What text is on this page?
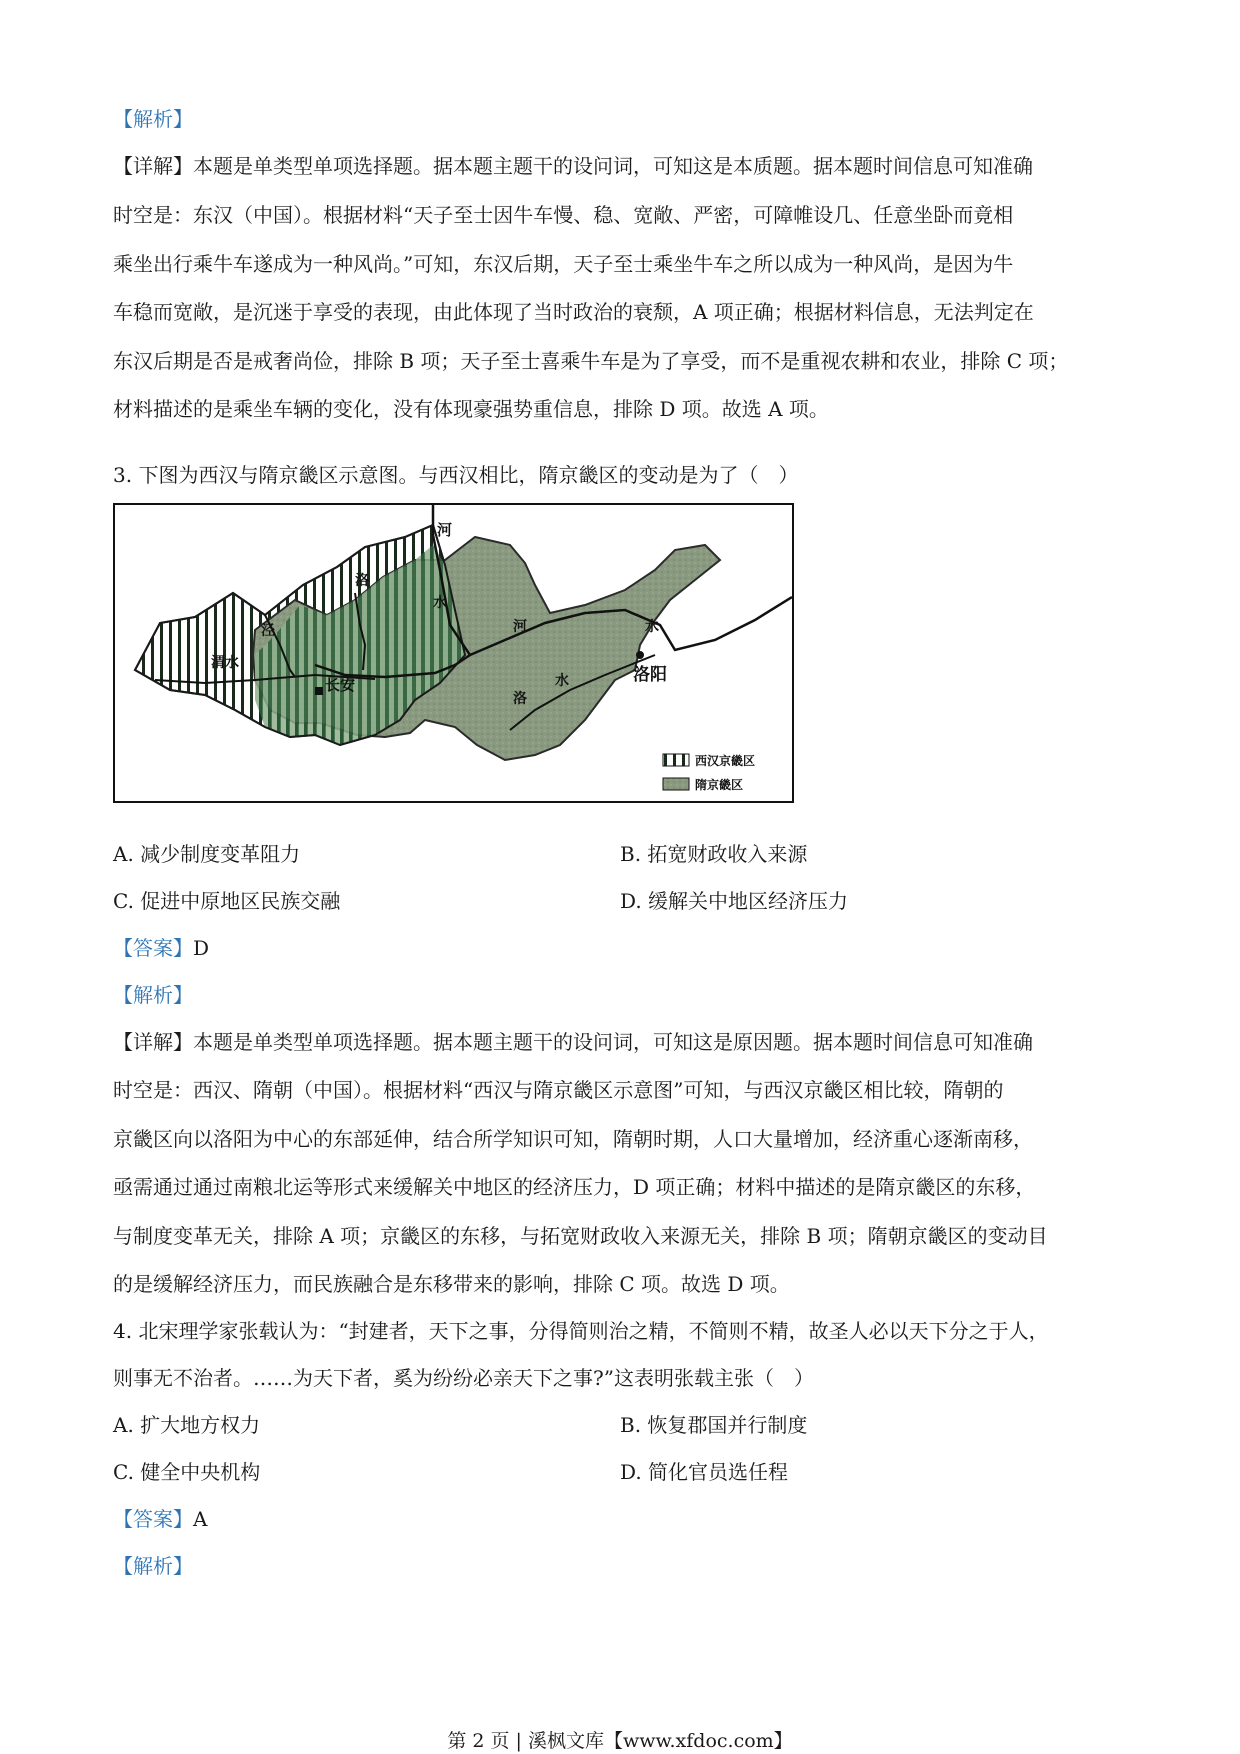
【解析】
【详解】本题是单类型单项选择题。据本题主题干的设问词，可知这是本质题。据本题时间信息可知准确
时空是：东汉（中国）。根据材料“天子至士因牛车慢、稳、宽敞、严密，可障帷设几、任意坐卧而竟相
乘坐出行乘牛车遂成为一种风尚。”可知，东汉后期，天子至士乘坐牛车之所以成为一种风尚，是因为牛
车稳而宽敞，是沉迷于享受的表现，由此体现了当时政治的衰颓，A 项正确；根据材料信息，无法判定在
东汉后期是否是戒奢尚俭，排除 B 项；天子至士喜乘牛车是为了享受，而不是重视农耕和农业，排除 C 项；
材料描述的是乘坐车辆的变化，没有体现豪强势重信息，排除 D 项。故选 A 项。
3. 下图为西汉与隋京畿区示意图。与西汉相比，隋京畿区的变动是为了（　）
河
洛
水
泾
渭水
长安
河	水
洛
水	洛阳
西汉京畿区
隋京畿区
A. 减少制度变革阻力	B. 拓宽财政收入来源
C. 促进中原地区民族交融	D. 缓解关中地区经济压力
【答案】D
【解析】
【详解】本题是单类型单项选择题。据本题主题干的设问词，可知这是原因题。据本题时间信息可知准确
时空是：西汉、隋朝（中国）。根据材料“西汉与隋京畿区示意图”可知，与西汉京畿区相比较，隋朝的
京畿区向以洛阳为中心的东部延伸，结合所学知识可知，隋朝时期，人口大量增加，经济重心逐渐南移，
亟需通过通过南粮北运等形式来缓解关中地区的经济压力，D 项正确；材料中描述的是隋京畿区的东移，
与制度变革无关，排除 A 项；京畿区的东移，与拓宽财政收入来源无关，排除 B 项；隋朝京畿区的变动目
的是缓解经济压力，而民族融合是东移带来的影响，排除 C 项。故选 D 项。
4. 北宋理学家张载认为：“封建者，天下之事，分得简则治之精，不简则不精，故圣人必以天下分之于人，
则事无不治者。……为天下者，奚为纷纷必亲天下之事?”这表明张载主张（　）
A. 扩大地方权力	B. 恢复郡国并行制度
C. 健全中央机构	D. 简化官员选任程
【答案】A
【解析】
第 2 页 | 溪枫文库【www.xfdoc.com】
